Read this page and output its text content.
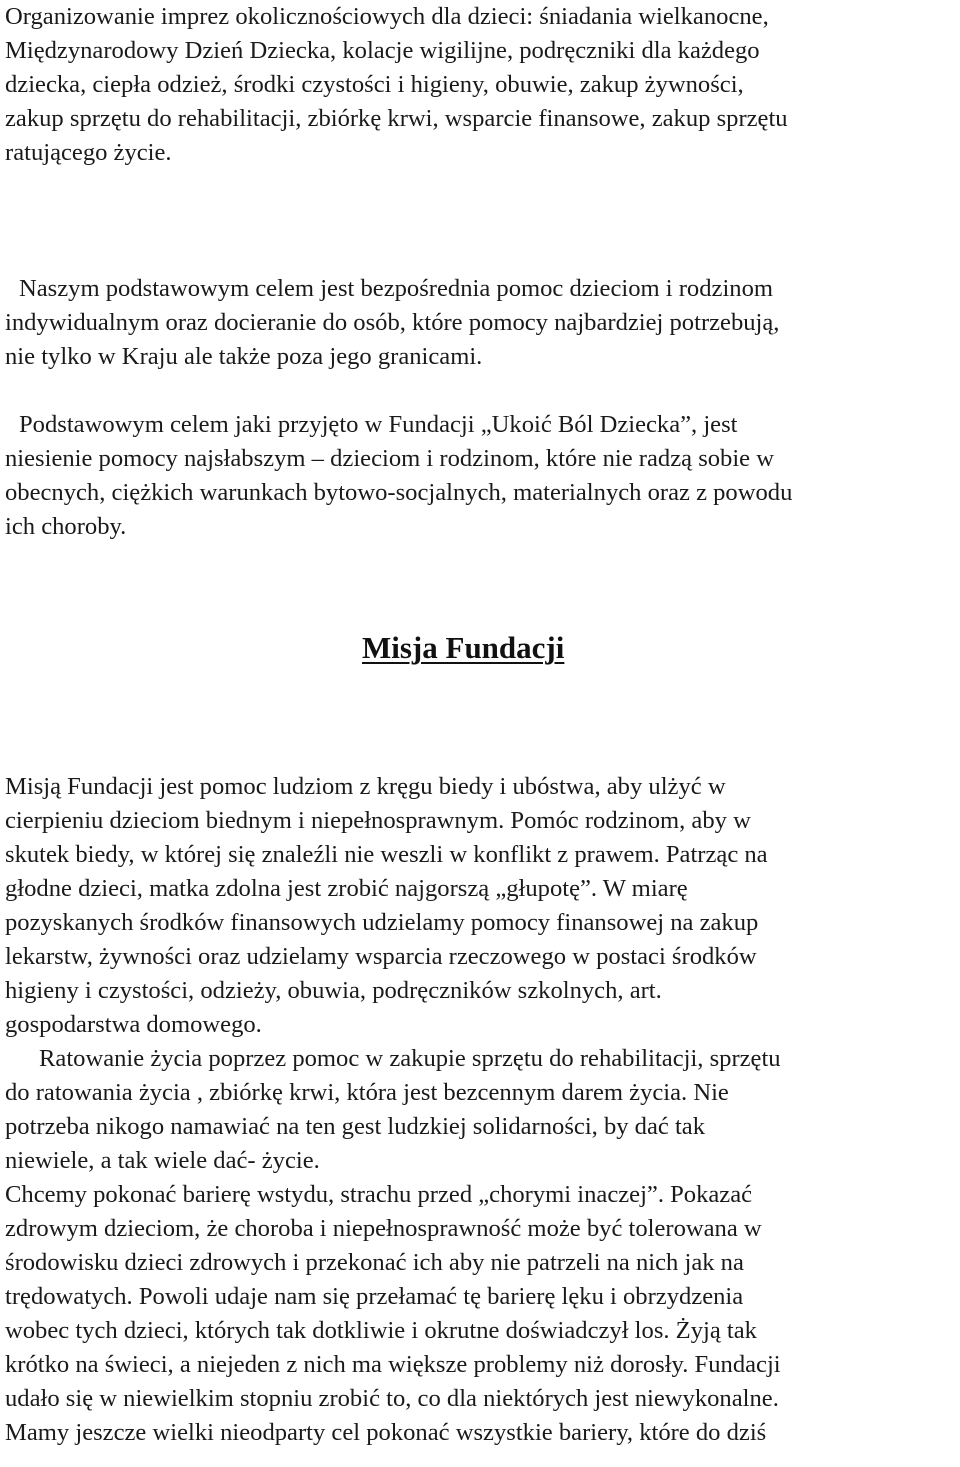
Organizowanie imprez okolicznościowych dla dzieci: śniadania wielkanocne,
Międzynarodowy Dzień Dziecka, kolacje wigilijne, podręczniki dla każdego
dziecka, ciepła odzież, środki czystości i higieny, obuwie, zakup żywności,
zakup sprzętu do rehabilitacji, zbiórkę krwi, wsparcie finansowe, zakup sprzętu
ratującego życie.

Naszym podstawowym celem jest bezpośrednia pomoc dzieciom i rodzinom
indywidualnym oraz docieranie do osób, które pomocy najbardziej potrzebują,
nie tylko w Kraju ale także poza jego granicami.

Podstawowym celem jaki przyjęto w Fundacji „Ukoić Ból Dziecka”, jest
niesienie pomocy najsłabszym – dzieciom i rodzinom, które nie radzą sobie w
obecnych, ciężkich warunkach bytowo-socjalnych, materialnych oraz z powodu
ich choroby.

Misja Fundacji

Misją Fundacji jest pomoc ludziom z kręgu biedy i ubóstwa, aby ulżyć w
cierpieniu dzieciom biednym i niepełnosprawnym. Pomóc rodzinom, aby w
skutek biedy, w której się znaleźli nie weszli w konflikt z prawem. Patrząc na
głodne dzieci, matka zdolna jest zrobić najgorszą „głupotę”. W miarę
pozyskanych środków finansowych udzielamy pomocy finansowej na zakup
lekarstw, żywności oraz udzielamy wsparcia rzeczowego w postaci środków
higieny i czystości, odzieży, obuwia, podręczników szkolnych, art.
gospodarstwa domowego.

Ratowanie życia poprzez pomoc w zakupie sprzętu do rehabilitacji, sprzętu
do ratowania życia , zbiórkę krwi, która jest bezcennym darem życia. Nie
potrzeba nikogo namawiać na ten gest ludzkiej solidarności, by dać tak
niewiele, a tak wiele dać- życie.

Chcemy pokonać barierę wstydu, strachu przed „chorymi inaczej”. Pokazać
zdrowym dzieciom, że choroba i niepełnosprawność może być tolerowana w
środowisku dzieci zdrowych i przekonać ich aby nie patrzeli na nich jak na
trędowatych. Powoli udaje nam się przełamać tę barierę lęku i obrzydzenia
wobec tych dzieci, których tak dotkliwie i okrutne doświadczył los. Żyją tak
krótko na świeci, a niejeden z nich ma większe problemy niż dorosły. Fundacji
udało się w niewielkim stopniu zrobić to, co dla niektórych jest niewykonalne.
Mamy jeszcze wielki nieodparty cel pokonać wszystkie bariery, które do dziś
